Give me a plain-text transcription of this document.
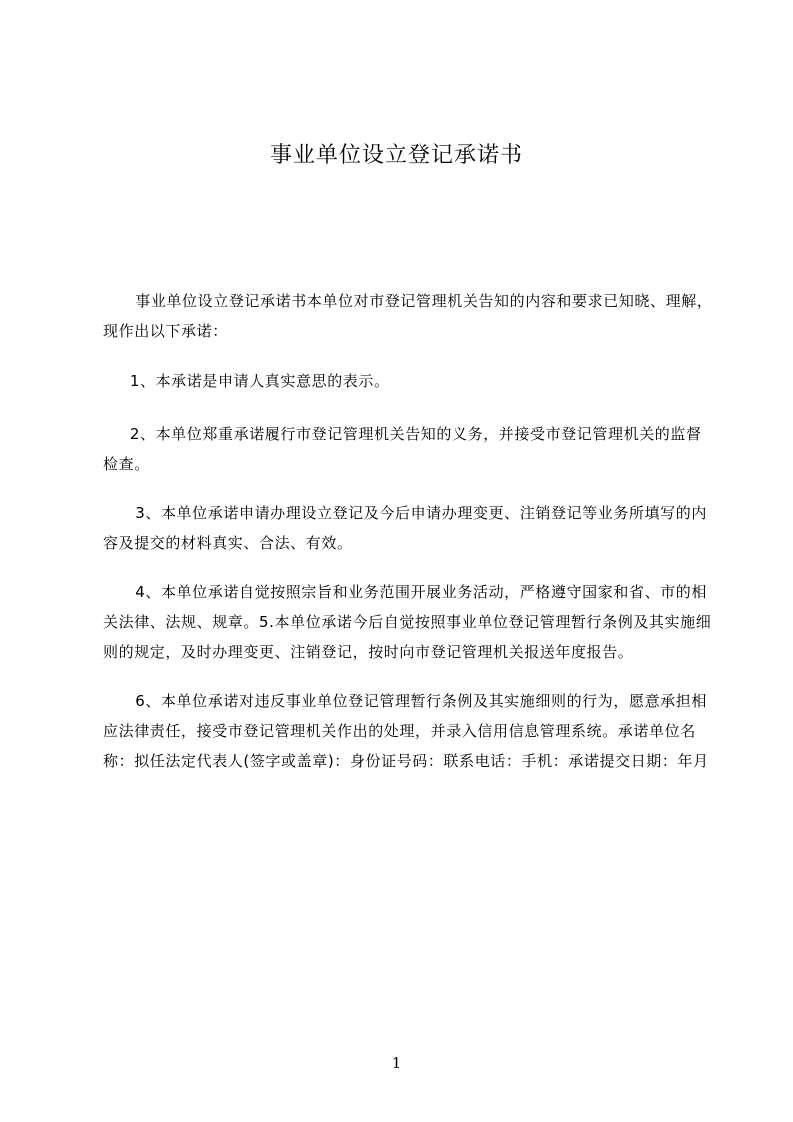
事业单位设立登记承诺书

事业单位设立登记承诺书本单位对市登记管理机关告知的内容和要求已知晓、理解，现作出以下承诺：

1、本承诺是申请人真实意思的表示。

2、本单位郑重承诺履行市登记管理机关告知的义务，并接受市登记管理机关的监督检查。

3、本单位承诺申请办理设立登记及今后申请办理变更、注销登记等业务所填写的内容及提交的材料真实、合法、有效。

4、本单位承诺自觉按照宗旨和业务范围开展业务活动，严格遵守国家和省、市的相关法律、法规、规章。5.本单位承诺今后自觉按照事业单位登记管理暂行条例及其实施细则的规定，及时办理变更、注销登记，按时向市登记管理机关报送年度报告。

6、本单位承诺对违反事业单位登记管理暂行条例及其实施细则的行为，愿意承担相应法律责任，接受市登记管理机关作出的处理，并录入信用信息管理系统。承诺单位名称：拟任法定代表人(签字或盖章)：身份证号码：联系电话：手机：承诺提交日期：年月

1
